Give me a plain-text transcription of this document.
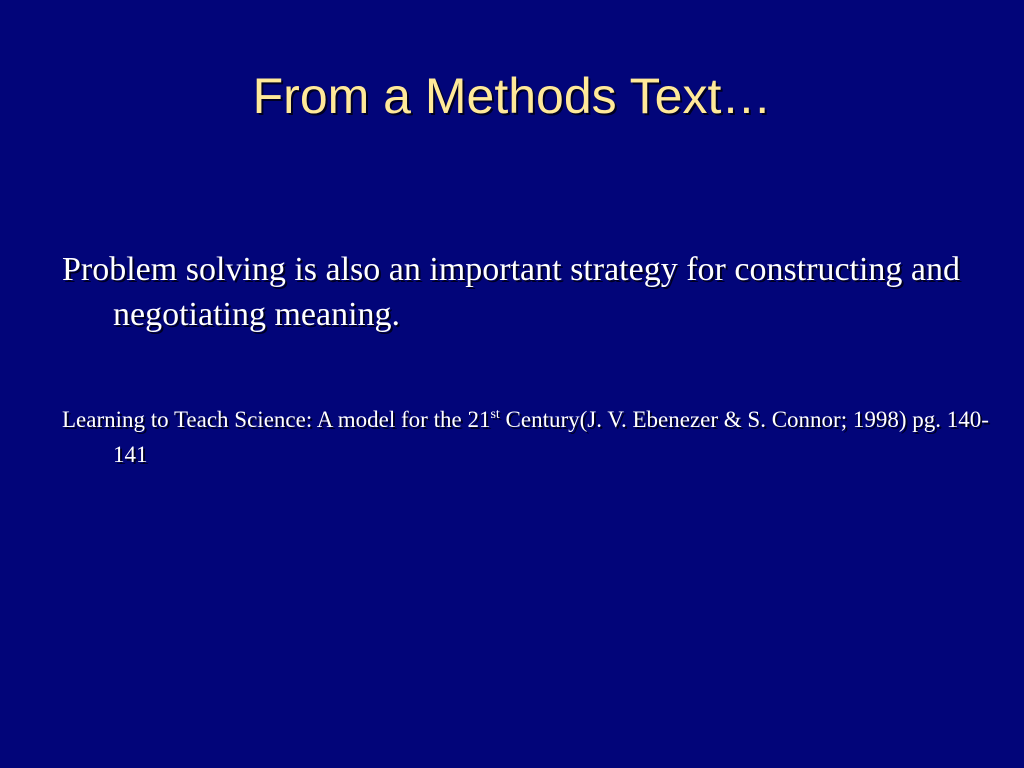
From a Methods Text…
Problem solving is also an important strategy for constructing and negotiating meaning.
Learning to Teach Science: A model for the 21st Century(J. V. Ebenezer & S. Connor; 1998) pg. 140-141
